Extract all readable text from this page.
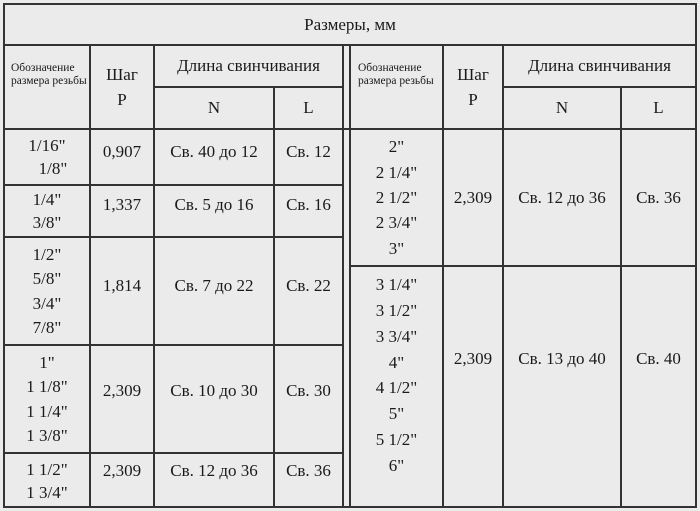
Размеры, мм
Обозначение размера резьбы Шаг
P
Длина свинчивания
N	L
Обозначение размера резьбы	Шаг
P
Длина свинчивания
N	L
1/16"
1/8"
0,907	Св. 40 до 12	Св. 12
1/4"
3/8"
1,337	Св. 5 до 16	Св. 16
1/2"
5/8"
3/4"
7/8"
1,814	Св. 7 до 22	Св. 22
1"
1 1/8"
1 1/4"
1 3/8"
2,309	Св. 10 до 30	Св. 30
1 1/2"
1 3/4"
2,309	Св. 12 до 36	Св. 36
2"
2 1/4"
2 1/2"
2 3/4"
3"
2,309	Св. 12 до 36	Св. 36
3 1/4"
3 1/2"
3 3/4"
4"
4 1/2"
5"
5 1/2"
6"
2,309	Св. 13 до 40	Св. 40
